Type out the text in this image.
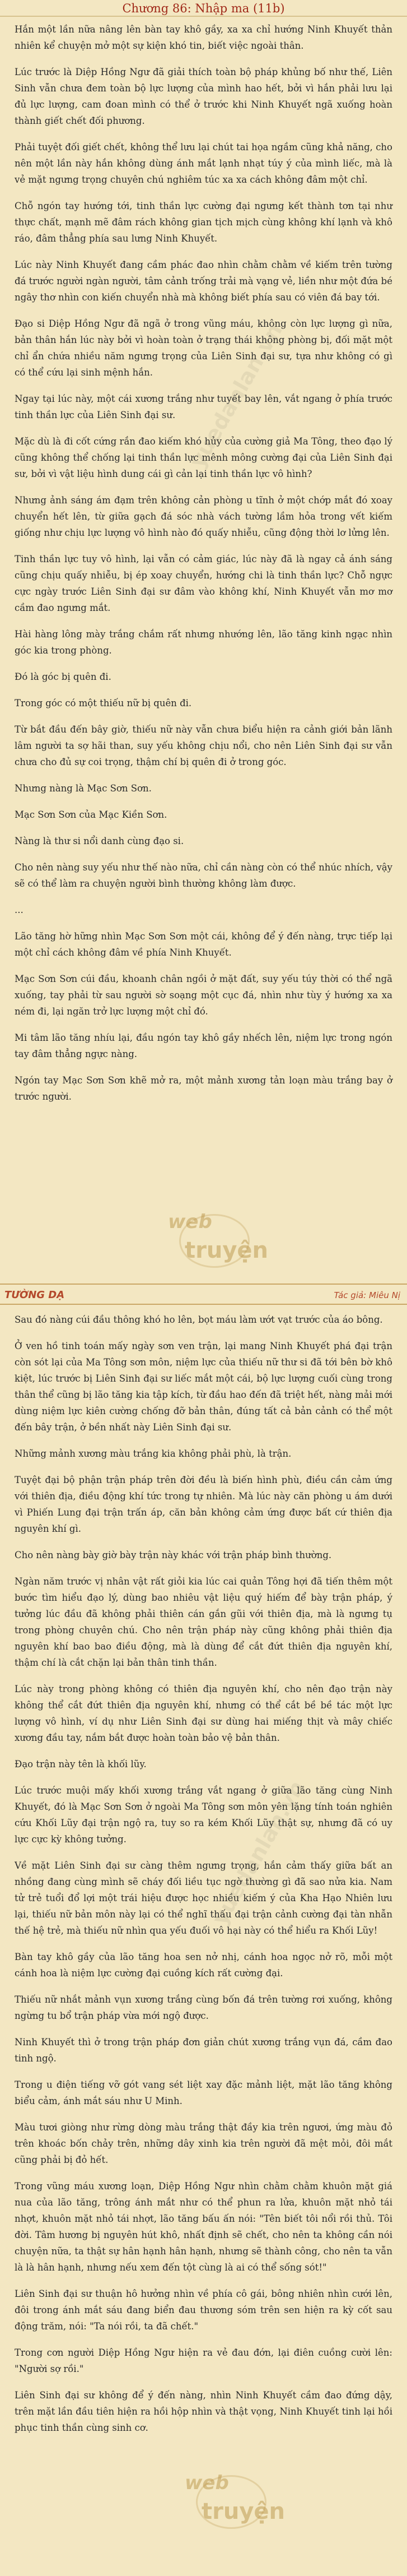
Chương 86: Nhập ma (11b)
yuedanlan.vn
yuedanlan.vn
web
truyện
web
truyện

Hắn một lần nữa nâng lên bàn tay khô gầy, xa xa chỉ hướng Ninh Khuyết thản nhiên kể chuyện mở một sự kiện khó tin, biết việc ngoài thân.

Lúc trước là Diệp Hồng Ngư đã giải thích toàn bộ pháp khủng bố như thế, Liên Sinh vẫn chưa đem toàn bộ lực lượng của mình hao hết, bởi vì hắn phải lưu lại đủ lực lượng, cam đoan mình có thể ở trước khi Ninh Khuyết ngã xuống hoàn thành giết chết đối phương.

Phải tuyệt đối giết chết, không thể lưu lại chút tai họa ngầm cũng khả năng, cho nên một lần này hắn không dùng ánh mắt lạnh nhạt túy ý của mình liếc, mà là vẻ mặt ngưng trọng chuyên chú nghiêm túc xa xa cách không đâm một chỉ.

Chỗ ngón tay hướng tới, tinh thần lực cường đại ngưng kết thành tơn tại như thực chất, mạnh mẽ đâm rách không gian tịch mịch cùng không khí lạnh và khô ráo, đâm thẳng phía sau lưng Ninh Khuyết.

Lúc này Ninh Khuyết đang cầm phác đao nhìn chằm chằm về kiếm trên tường đá trước người ngàn người, tâm cảnh trống trải mà vạng vẻ, liền như một đứa bé ngây thơ nhìn con kiến chuyển nhà mà không biết phía sau có viên đá bay tới.

Đạo si Diệp Hồng Ngư đã ngã ở trong vũng máu, không còn lực lượng gì nữa, bản thân hắn lúc này bởi vì hoàn toàn ở trạng thái không phòng bị, đối mặt một chỉ ẩn chứa nhiều năm ngưng trọng của Liên Sinh đại sư, tựa như không có gì có thể cứu lại sinh mệnh hắn.

Ngay tại lúc này, một cái xương trắng như tuyết bay lên, vắt ngang ở phía trước tinh thần lực của Liên Sinh đại sư.

Mặc dù là đi cốt cứng rắn đao kiếm khó hủy của cường giả Ma Tông, theo đạo lý cũng không thể chống lại tinh thần lực mênh mông cường đại của Liên Sinh đại sư, bởi vì vật liệu hình dung cái gì cản lại tinh thần lực vô hình?

Nhưng ảnh sáng ám đạm trên không cản phòng u tĩnh ở một chớp mắt đó xoay chuyển hết lên, từ giữa gạch đá sóc nhà vách tường lầm hỏa trong vết kiếm giống như chịu lực lượng vô hình nào đó quấy nhiễu, cũng động thời lơ lửng lên.

Tinh thần lực tuy vô hình, lại vẫn có cảm giác, lúc này đã là ngay cả ánh sáng cũng chịu quấy nhiễu, bị ép xoay chuyển, hướng chi là tinh thần lực? Chỗ ngực cực ngày trước Liên Sinh đại sư đâm vào không khí, Ninh Khuyết vẫn mơ mơ cầm đao ngưng mắt.

Hài hàng lông mày trắng chắm rất nhưng nhướng lên, lão tăng kinh ngạc nhìn góc kia trong phòng.

Đó là góc bị quên đi.

Trong góc có một thiếu nữ bị quên đi.

Từ bắt đầu đến bây giờ, thiếu nữ này vẫn chưa biểu hiện ra cảnh giới bản lãnh lâm người ta sợ hãi than, suy yếu không chịu nổi, cho nên Liên Sinh đại sư vẫn chưa cho đủ sự coi trọng, thậm chí bị quên đi ở trong góc.

Nhưng nàng là Mạc Sơn Sơn.

Mạc Sơn Sơn của Mạc Kiền Sơn.

Nàng là thư si nổi danh cùng đạo si.

Cho nên nàng suy yếu như thế nào nữa, chỉ cần nàng còn có thể nhúc nhích, vậy sẽ có thể làm ra chuyện người bình thường không làm được.

...

Lão tăng hờ hững nhìn Mạc Sơn Sơn một cái, không để ý đến nàng, trực tiếp lại một chỉ cách không đâm về phía Ninh Khuyết.

Mạc Sơn Sơn cúi đầu, khoanh chân ngồi ở mặt đất, suy yếu túy thời có thể ngã xuống, tay phải từ sau người sờ soạng một cục đá, nhìn như tùy ý hướng xa xa ném đi, lại ngăn trở lực lượng một chỉ đó.

Mi tâm lão tăng nhíu lại, đầu ngón tay khô gầy nhếch lên, niệm lực trong ngón tay đâm thẳng ngực nàng.

Ngón tay Mạc Sơn Sơn khẽ mở ra, một mảnh xương tản loạn màu trắng bay ở trước người.

TƯỜNG DẠ	Tác giả: Miêu Nị

Sau đó nàng cúi đầu thông khó ho lên, bọt máu làm ướt vạt trước của áo bông.

Ở ven hồ tinh toán mấy ngày sơn ven trận, lại mang Ninh Khuyết phá đại trận còn sót lại của Ma Tông sơn môn, niệm lực của thiếu nữ thư si đã tới bên bờ khô kiệt, lúc trước bị Liên Sinh đại sư liếc mắt một cái, bộ lực lượng cuối cùng trong thân thể cũng bị lão tăng kia tập kích, từ đầu hao đến đã triệt hết, nàng mải mới dùng niệm lực kiên cường chống đỡ bản thân, đúng tất cả bản cảnh có thể một đến bây trận, ở bền nhất này Liên Sinh đại sư.

Những mảnh xương màu trắng kia không phải phù, là trận.

Tuyệt đại bộ phận trận pháp trên đời đều là biến hình phù, điều cần cảm ứng với thiên địa, điều động khí tức trong tự nhiên. Mà lúc này căn phòng u ám dưới vì Phiến Lung đại trận trấn áp, căn bản không cảm ứng được bất cứ thiên địa nguyên khí gì.

Cho nên nàng bày giờ bày trận này khác với trận pháp bình thường.

Ngàn năm trước vị nhân vật rất giỏi kia lúc cai quản Tông hợi đã tiến thêm một bước tìm hiểu đạo lý, dùng bao nhiêu vật liệu quý hiếm để bày trận pháp, ý tưởng lúc đầu đã không phải thiên cán gắn gũi với thiên địa, mà là ngưng tụ trong phòng chuyên chú. Cho nên trận pháp này cũng không phải thiên địa nguyên khí bao bao điều động, mà là dùng để cắt đứt thiên địa nguyên khí, thậm chí là cắt chặn lại bản thân tinh thần.

Lúc này trong phòng không có thiên địa nguyên khí, cho nên đạo trận này không thể cắt đứt thiên địa nguyên khí, nhưng có thể cắt bề bề tác một lực lượng vô hình, ví dụ như Liên Sinh đại sư dùng hai miếng thịt và mây chiếc xương đầu tay, nắm bắt được hoàn toàn bảo vệ bản thân.

Đạo trận này tên là khối lũy.

Lúc trước muội mấy khối xương trắng vắt ngang ở giữa lão tăng cùng Ninh Khuyết, đó là Mạc Sơn Sơn ở ngoài Ma Tông sơn môn yên lặng tính toán nghiên cứu Khối Lũy đại trận ngộ ra, tuy so ra kém Khối Lũy thật sự, nhưng đã có uy lực cực kỳ không tưởng.

Về mặt Liên Sinh đại sư càng thêm ngưng trọng, hắn cảm thấy giữa bất an nhồng đang cùng mình sẽ cháy đối liều tục ngờ thường gì đã sao nửa kia. Nam tử trẻ tuổi đổ lợi một trái hiệu được học nhiều kiếm ý của Kha Hạo Nhiên lưu lại, thiếu nữ bản môn này lại có thể nghĩ thấu đại trận cảnh cường đại tàn nhẫn thế hệ trẻ, mà thiếu nữ nhìn qua yếu đuối vô hại này có thể hiểu ra Khối Lũy!

Bàn tay khô gầy của lão tăng hoa sen nở nhị, cánh hoa ngọc nở rõ, mỗi một cánh hoa là niệm lực cường đại cuồng kích rất cường đại.

Thiếu nữ nhắt mảnh vụn xương trắng cùng bốn đá trên tường rơi xuống, không ngừng tu bổ trận pháp vừa mới ngộ được.

Ninh Khuyết thì ở trong trận pháp đơn giản chút xương trắng vụn đá, cầm đao tinh ngộ.

Trong u điện tiếng vỡ gót vang sét liệt xay đặc mảnh liệt, mặt lão tăng không biểu cảm, ánh mắt sáu như U Minh.

Màu tươi giòng như rừng dòng màu trắng thật đầy kia trên ngươi, ứng màu đỏ trên khoác bốn chảy trên, những dây xinh kia trên người đã mệt mỏi, đôi mắt cũng phải bị đỏ hết.

Trong vũng máu xương loạn, Diệp Hồng Ngư nhìn chằm chằm khuôn mặt giá nua của lão tăng, trông ánh mắt như có thể phun ra lửa, khuôn mặt nhỏ tái nhợt, khuôn mặt nhỏ tái nhợt, lão tăng bấu ấn nói: "Tên biết tôi nổi rồi thủ. Tôi đời. Tâm hương bị nguyên hút khô, nhất định sẽ chết, cho nên ta không cần nói chuyện nữa, ta thật sự hân hạnh hân hạnh, nhưng sẽ thành công, cho nên ta vẫn là là hân hạnh, nhưng nếu xem đến tột cùng là ai có thể sống sót!"

Liên Sinh đại sư thuận hô hưởng nhìn về phía cô gái, bông nhiên nhìn cưới lên, đôi trong ánh mắt sáu đang biển đau thương sóm trên sen hiện ra kỳ cốt sau động trăm, nói: "Ta nói rồi, ta đã chết."

Trong cơn người Diệp Hồng Ngư hiện ra vẻ đau đớn, lại điên cuồng cười lên: "Người sợ rồi."

Liên Sinh đại sư không để ý đến nàng, nhìn Ninh Khuyết cầm đao đứng dậy, trên mặt lần đầu tiên hiện ra hồi hộp nhìn và thật vọng, Ninh Khuyết tinh lại hồi phục tinh thần cùng sinh cơ.
